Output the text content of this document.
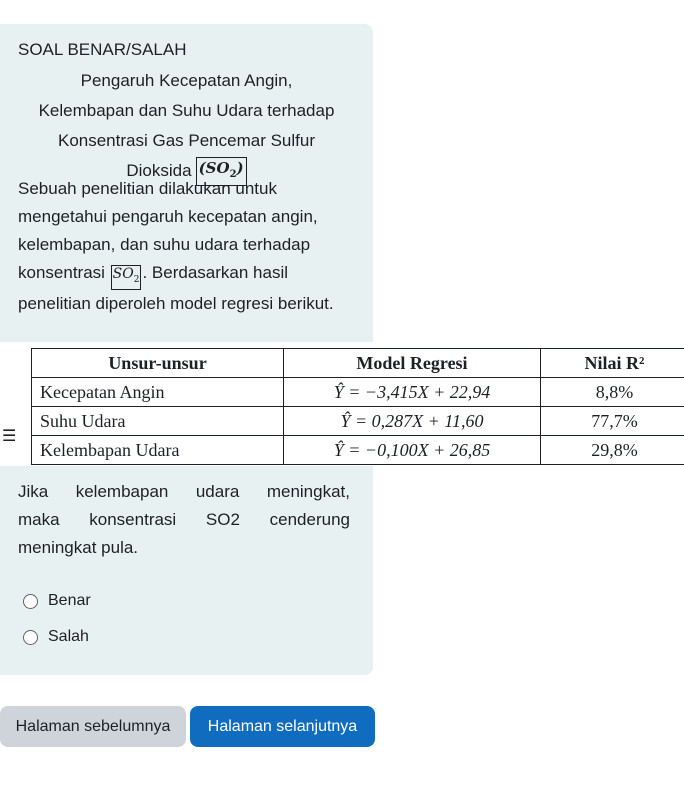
SOAL BENAR/SALAH
Pengaruh Kecepatan Angin,
Kelembapan dan Suhu Udara terhadap
Konsentrasi Gas Pencemar Sulfur
Dioksida $(SO_2)$
Sebuah penelitian dilakukan untuk mengetahui pengaruh kecepatan angin, kelembapan, dan suhu udara terhadap konsentrasi $SO_2$ . Berdasarkan hasil penelitian diperoleh model regresi berikut.
☰
Unsur-unsur	Model Regresi	Nilai R²
Kecepatan Angin	Ŷ = −3,415X + 22,94	8,8%
Suhu Udara	Ŷ = 0,287X + 11,60	77,7%
Kelembapan Udara	Ŷ = −0,100X + 26,85	29,8%
Jika kelembapan udara meningkat,
maka konsentrasi SO2 cenderung
meningkat pula.
Benar
Salah
Halaman sebelumnya	Halaman selanjutnya
